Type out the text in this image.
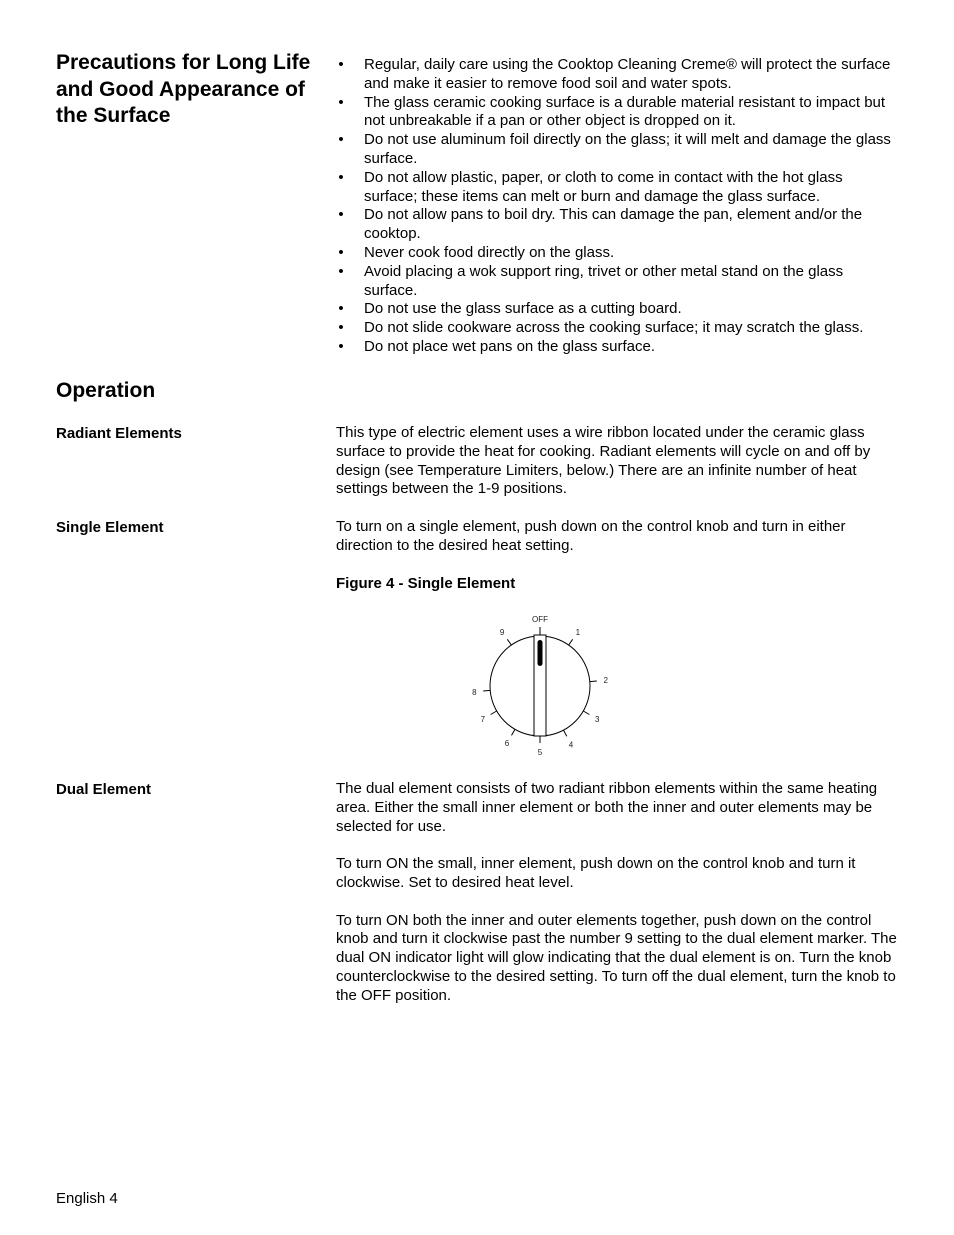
Precautions for Long Life and Good Appearance of the Surface
• Regular, daily care using the Cooktop Cleaning Creme® will protect the surface and make it easier to remove food soil and water spots.
• The glass ceramic cooking surface is a durable material resistant to impact but not unbreakable if a pan or other object is dropped on it.
• Do not use aluminum foil directly on the glass; it will melt and damage the glass surface.
• Do not allow plastic, paper, or cloth to come in contact with the hot glass surface; these items can melt or burn and damage the glass surface.
• Do not allow pans to boil dry. This can damage the pan, element and/or the cooktop.
• Never cook food directly on the glass.
• Avoid placing a wok support ring, trivet or other metal stand on the glass surface.
• Do not use the glass surface as a cutting board.
• Do not slide cookware across the cooking surface; it may scratch the glass.
• Do not place wet pans on the glass surface.
Operation
Radiant Elements	This type of electric element uses a wire ribbon located under the ceramic glass surface to provide the heat for cooking. Radiant elements will cycle on and off by design (see Temperature Limiters, below.) There are an infinite number of heat settings between the 1-9 positions.
Single Element	To turn on a single element, push down on the control knob and turn in either direction to the desired heat setting.
Figure 4 - Single Element
OFF
1
2
3
4
5
6
7
8
9
Dual Element	The dual element consists of two radiant ribbon elements within the same heating area. Either the small inner element or both the inner and outer elements may be selected for use.

To turn ON the small, inner element, push down on the control knob and turn it clockwise. Set to desired heat level.

To turn ON both the inner and outer elements together, push down on the control knob and turn it clockwise past the number 9 setting to the dual element marker. The dual ON indicator light will glow indicating that the dual element is on. Turn the knob counterclockwise to the desired setting. To turn off the dual element, turn the knob to the OFF position.

English 4
